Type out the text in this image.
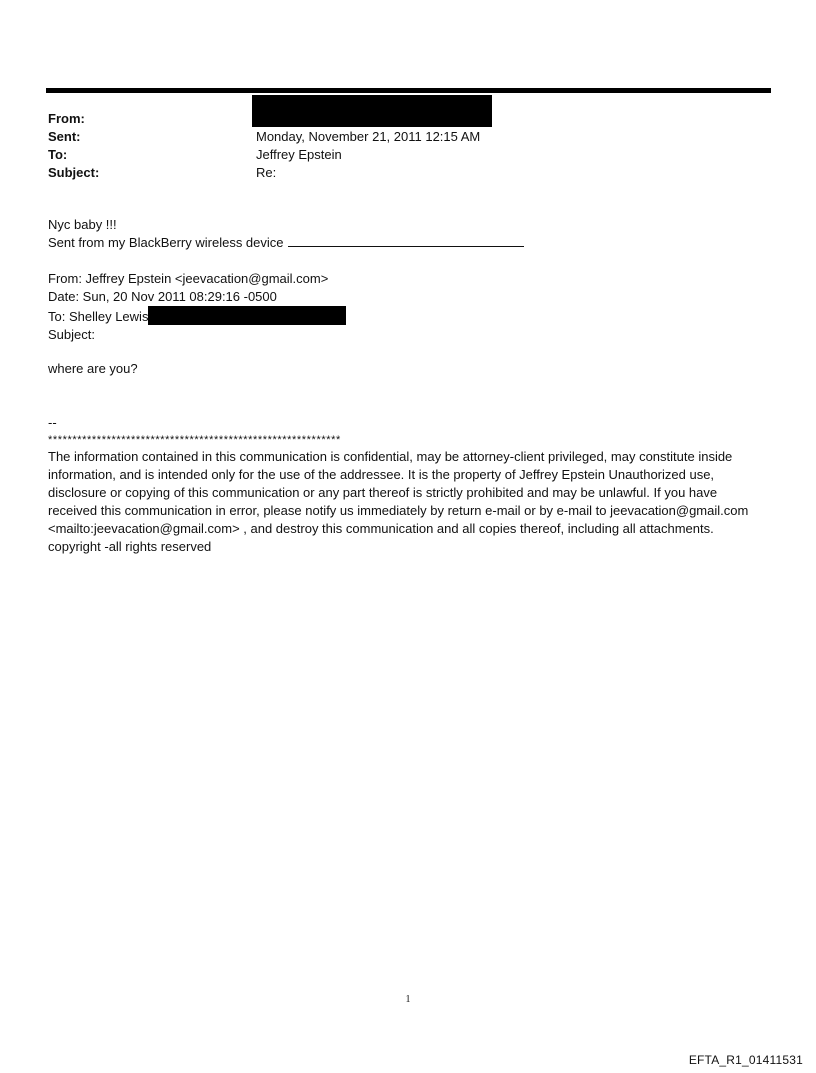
From:
Sent:	Monday, November 21, 2011 12:15 AM
To:	Jeffrey Epstein
Subject:	Re:
Nyc baby !!!
Sent from my BlackBerry wireless device
From: Jeffrey Epstein <jeevacation@gmail.com>
Date: Sun, 20 Nov 2011 08:29:16 -0500
To: Shelley Lewis
Subject:
where are you?
--
************************************************************
The information contained in this communication is confidential, may be attorney-client privileged, may constitute inside information, and is intended only for the use of the addressee. It is the property of Jeffrey Epstein Unauthorized use, disclosure or copying of this communication or any part thereof is strictly prohibited and may be unlawful. If you have received this communication in error, please notify us immediately by return e-mail or by e-mail to jeevacation@gmail.com <mailto:jeevacation@gmail.com> , and destroy this communication and all copies thereof, including all attachments. copyright -all rights reserved
1
EFTA_R1_01411531
